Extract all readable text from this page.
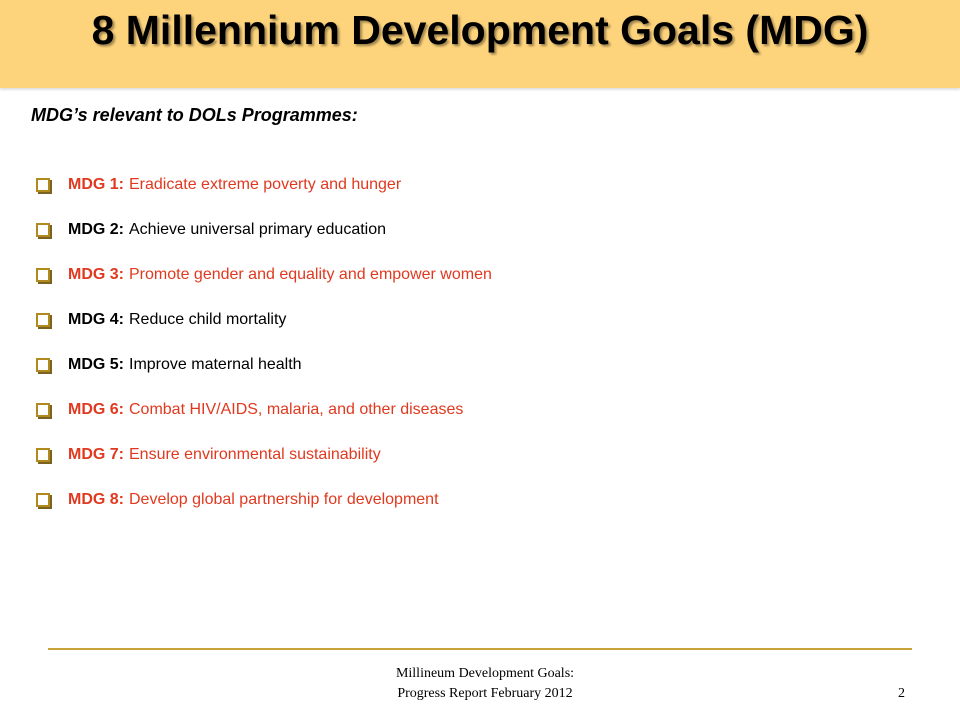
8 Millennium Development Goals (MDG)

MDG’s relevant to DOLs Programmes:

MDG 1: Eradicate extreme poverty and hunger
MDG 2: Achieve universal primary education
MDG 3: Promote gender and equality and empower women
MDG 4: Reduce child mortality
MDG 5: Improve maternal health
MDG 6: Combat HIV/AIDS, malaria, and other diseases
MDG 7: Ensure environmental sustainability
MDG 8: Develop global partnership for development
Millineum Development Goals:
Progress Report February 2012	2
